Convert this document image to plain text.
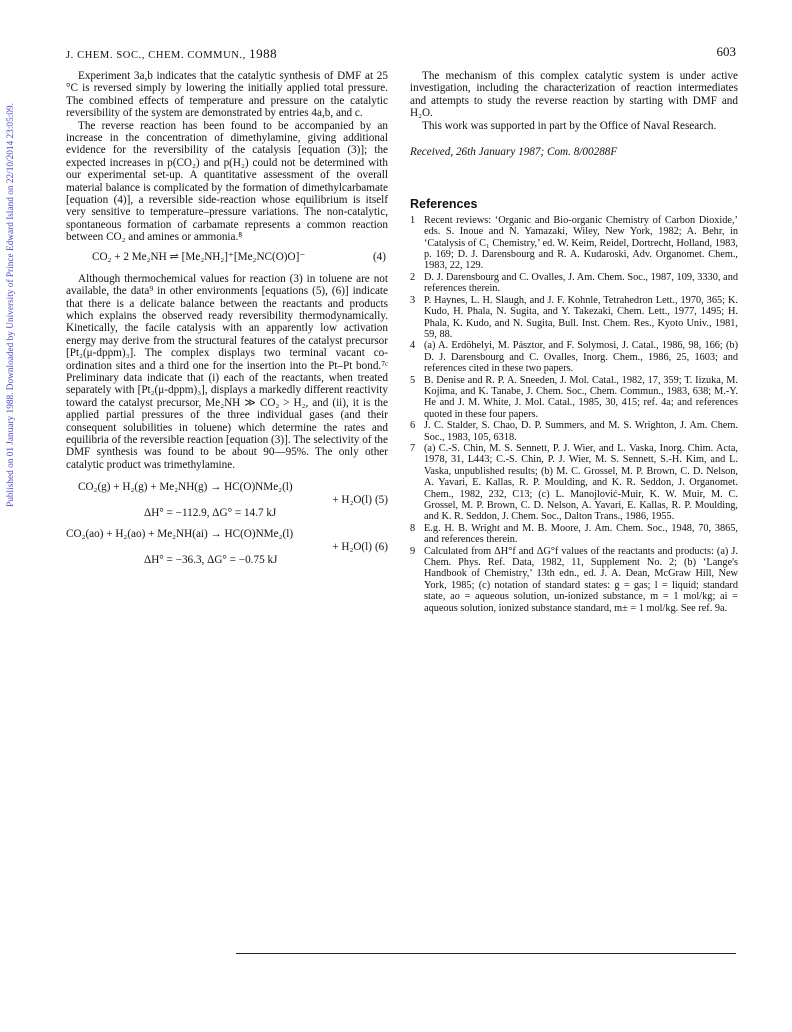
Published on 01 January 1988. Downloaded by University of Prince Edward Island on 22/10/2014 23:05:09.
J. CHEM. SOC., CHEM. COMMUN., 1988	603

Experiment 3a,b indicates that the catalytic synthesis of DMF at 25 °C is reversed simply by lowering the initially applied total pressure. The combined effects of temperature and pressure on the catalytic reversibility of the system are demonstrated by entries 4a,b, and c.

The reverse reaction has been found to be accompanied by an increase in the concentration of dimethylamine, giving additional evidence for the reversibility of the catalysis [equation (3)]; the expected increases in p(CO₂) and p(H₂) could not be determined with our experimental set-up. A quantitative assessment of the overall material balance is complicated by the formation of dimethylcarbamate [equation (4)], a reversible side-reaction whose equilibrium is itself very sensitive to temperature–pressure variations. The non-catalytic, spontaneous formation of carbamate represents a common reaction between CO₂ and amines or ammonia.⁸

CO₂ + 2 Me₂NH ⇌ [Me₂NH₂]⁺[Me₂NC(O)O]⁻	(4)

Although thermochemical values for reaction (3) in toluene are not available, the data⁹ in other environments [equations (5), (6)] indicate that there is a delicate balance between the reactants and products which explains the observed ready reversibility thermodynamically. Kinetically, the facile catalysis with an apparently low activation energy may derive from the structural features of the catalyst precursor [Pt₂(μ-dppm)₃]. The complex displays two terminal vacant co-ordination sites and a third one for the insertion into the Pt–Pt bond.⁷ᶜ Preliminary data indicate that (i) each of the reactants, when treated separately with [Pt₂(μ-dppm)₃], displays a markedly different reactivity toward the catalyst precursor, Me₂NH ≫ CO₂ > H₂, and (ii), it is the applied partial pressures of the three individual gases (and their consequent solubilities in toluene) which determine the rates and equilibria of the reversible reaction [equation (3)]. The selectivity of the DMF synthesis was found to be about 90—95%. The only other catalytic product was trimethylamine.

CO₂(g) + H₂(g) + Me₂NH(g) → HC(O)NMe₂(l)
+ H₂O(l) (5)
ΔH° = −112.9, ΔG° = 14.7 kJ
CO₂(ao) + H₂(ao) + Me₂NH(ai) → HC(O)NMe₂(l)
+ H₂O(l) (6)
ΔH° = −36.3, ΔG° = −0.75 kJ

The mechanism of this complex catalytic system is under active investigation, including the characterization of reaction intermediates and attempts to study the reverse reaction by starting with DMF and H₂O.

This work was supported in part by the Office of Naval Research.

Received, 26th January 1987; Com. 8/00288F

References
1 Recent reviews: ‘Organic and Bio-organic Chemistry of Carbon Dioxide,’ eds. S. Inoue and N. Yamazaki, Wiley, New York, 1982; A. Behr, in ‘Catalysis of C₁ Chemistry,’ ed. W. Keim, Reidel, Dortrecht, Holland, 1983, p. 169; D. J. Darensbourg and R. A. Kudaroski, Adv. Organomet. Chem., 1983, 22, 129.
2 D. J. Darensbourg and C. Ovalles, J. Am. Chem. Soc., 1987, 109, 3330, and references therein.
3 P. Haynes, L. H. Slaugh, and J. F. Kohnle, Tetrahedron Lett., 1970, 365; K. Kudo, H. Phala, N. Sugita, and Y. Takezaki, Chem. Lett., 1977, 1495; H. Phala, K. Kudo, and N. Sugita, Bull. Inst. Chem. Res., Kyoto Univ., 1981, 59, 88.
4 (a) A. Erdöhelyi, M. Pásztor, and F. Solymosi, J. Catal., 1986, 98, 166; (b) D. J. Darensbourg and C. Ovalles, Inorg. Chem., 1986, 25, 1603; and references cited in these two papers.
5 B. Denise and R. P. A. Sneeden, J. Mol. Catal., 1982, 17, 359; T. Iizuka, M. Kojima, and K. Tanabe, J. Chem. Soc., Chem. Commun., 1983, 638; M.-Y. He and J. M. White, J. Mol. Catal., 1985, 30, 415; ref. 4a; and references quoted in these four papers.
6 J. C. Stalder, S. Chao, D. P. Summers, and M. S. Wrighton, J. Am. Chem. Soc., 1983, 105, 6318.
7 (a) C.-S. Chin, M. S. Sennett, P. J. Wier, and L. Vaska, Inorg. Chim. Acta, 1978, 31, L443; C.-S. Chin, P. J. Wier, M. S. Sennett, S.-H. Kim, and L. Vaska, unpublished results; (b) M. C. Grossel, M. P. Brown, C. D. Nelson, A. Yavari, E. Kallas, R. P. Moulding, and K. R. Seddon, J. Organomet. Chem., 1982, 232, C13; (c) L. Manojlović-Muir, K. W. Muir, M. C. Grossel, M. P. Brown, C. D. Nelson, A. Yavari, E. Kallas, R. P. Moulding, and K. R. Seddon, J. Chem. Soc., Dalton Trans., 1986, 1955.
8 E.g. H. B. Wright and M. B. Moore, J. Am. Chem. Soc., 1948, 70, 3865, and references therein.
9 Calculated from ΔH°f and ΔG°f values of the reactants and products: (a) J. Chem. Phys. Ref. Data, 1982, 11, Supplement No. 2; (b) ‘Lange's Handbook of Chemistry,’ 13th edn., ed. J. A. Dean, McGraw Hill, New York, 1985; (c) notation of standard states: g = gas; l = liquid; standard state, ao = aqueous solution, un-ionized substance, m = 1 mol/kg; ai = aqueous solution, ionized substance standard, m± = 1 mol/kg. See ref. 9a.
